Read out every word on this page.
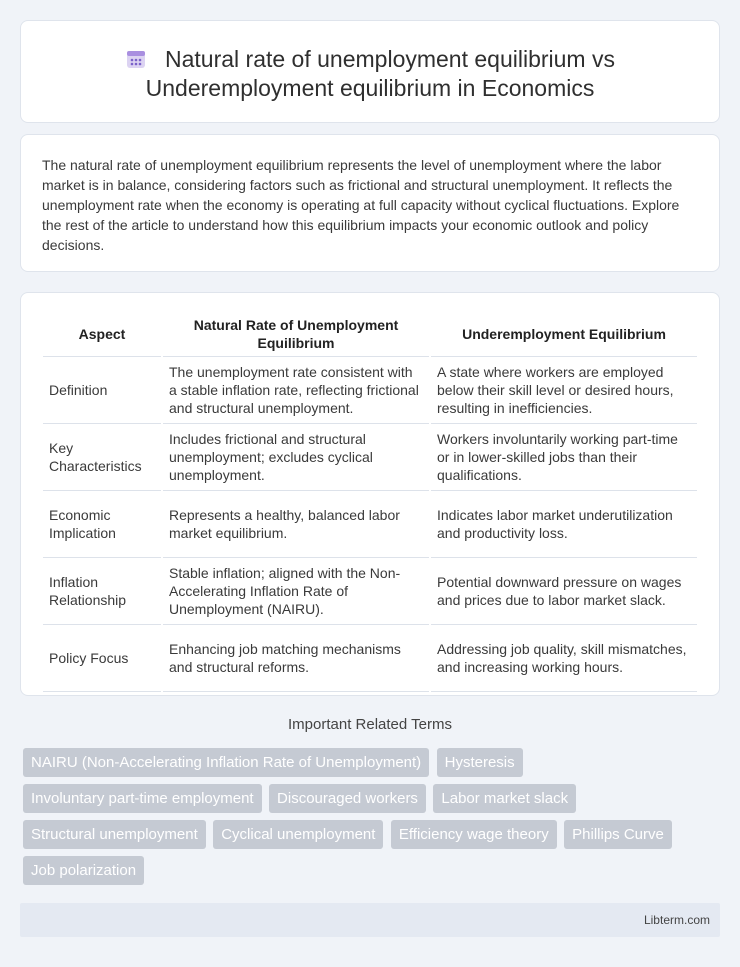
Natural rate of unemployment equilibrium vs Underemployment equilibrium in Economics

The natural rate of unemployment equilibrium represents the level of unemployment where the labor market is in balance, considering factors such as frictional and structural unemployment. It reflects the unemployment rate when the economy is operating at full capacity without cyclical fluctuations. Explore the rest of the article to understand how this equilibrium impacts your economic outlook and policy decisions.

Aspect	Natural Rate of Unemployment Equilibrium	Underemployment Equilibrium
Definition	The unemployment rate consistent with a stable inflation rate, reflecting frictional and structural unemployment.	A state where workers are employed below their skill level or desired hours, resulting in inefficiencies.
Key Characteristics	Includes frictional and structural unemployment; excludes cyclical unemployment.	Workers involuntarily working part-time or in lower-skilled jobs than their qualifications.
Economic Implication	Represents a healthy, balanced labor market equilibrium.	Indicates labor market underutilization and productivity loss.
Inflation Relationship	Stable inflation; aligned with the Non-Accelerating Inflation Rate of Unemployment (NAIRU).	Potential downward pressure on wages and prices due to labor market slack.
Policy Focus	Enhancing job matching mechanisms and structural reforms.	Addressing job quality, skill mismatches, and increasing working hours.
Important Related Terms
NAIRU (Non-Accelerating Inflation Rate of Unemployment) Hysteresis Involuntary part-time employment Discouraged workers Labor market slack Structural unemployment Cyclical unemployment Efficiency wage theory Phillips Curve Job polarization
Libterm.com
